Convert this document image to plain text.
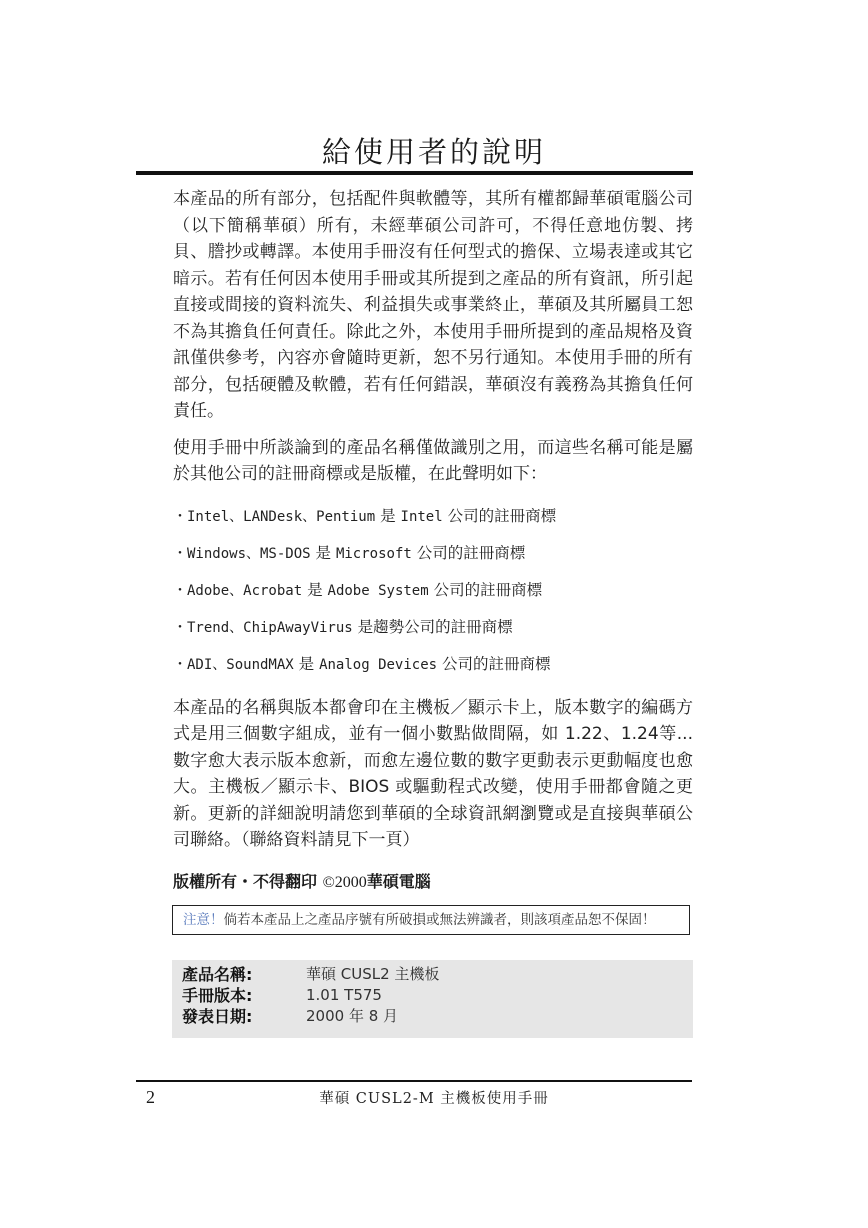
給使用者的說明

本產品的所有部分，包括配件與軟體等，其所有權都歸華碩電腦公司（以下簡稱華碩）所有，未經華碩公司許可，不得任意地仿製、拷貝、謄抄或轉譯。本使用手冊沒有任何型式的擔保、立場表達或其它暗示。若有任何因本使用手冊或其所提到之產品的所有資訊，所引起直接或間接的資料流失、利益損失或事業終止，華碩及其所屬員工恕不為其擔負任何責任。除此之外，本使用手冊所提到的產品規格及資訊僅供參考，內容亦會隨時更新，恕不另行通知。本使用手冊的所有部分，包括硬體及軟體，若有任何錯誤，華碩沒有義務為其擔負任何責任。

使用手冊中所談論到的產品名稱僅做識別之用，而這些名稱可能是屬於其他公司的註冊商標或是版權，在此聲明如下：

・Intel、LANDesk、Pentium 是 Intel 公司的註冊商標
・Windows、MS-DOS 是 Microsoft 公司的註冊商標
・Adobe、Acrobat 是 Adobe System 公司的註冊商標
・Trend、ChipAwayVirus 是趨勢公司的註冊商標
・ADI、SoundMAX 是 Analog Devices 公司的註冊商標

本產品的名稱與版本都會印在主機板／顯示卡上，版本數字的編碼方式是用三個數字組成，並有一個小數點做間隔，如 1.22、1.24等...數字愈大表示版本愈新，而愈左邊位數的數字更動表示更動幅度也愈大。主機板／顯示卡、BIOS 或驅動程式改變，使用手冊都會隨之更新。更新的詳細說明請您到華碩的全球資訊網瀏覽或是直接與華碩公司聯絡。（聯絡資料請見下一頁）

版權所有・不得翻印 ©2000華碩電腦
注意！倘若本產品上之產品序號有所破損或無法辨識者，則該項產品恕不保固！
產品名稱:	華碩 CUSL2 主機板
手冊版本:	1.01 T575
發表日期:	2000 年 8 月
2	華碩 CUSL2-M 主機板使用手冊
